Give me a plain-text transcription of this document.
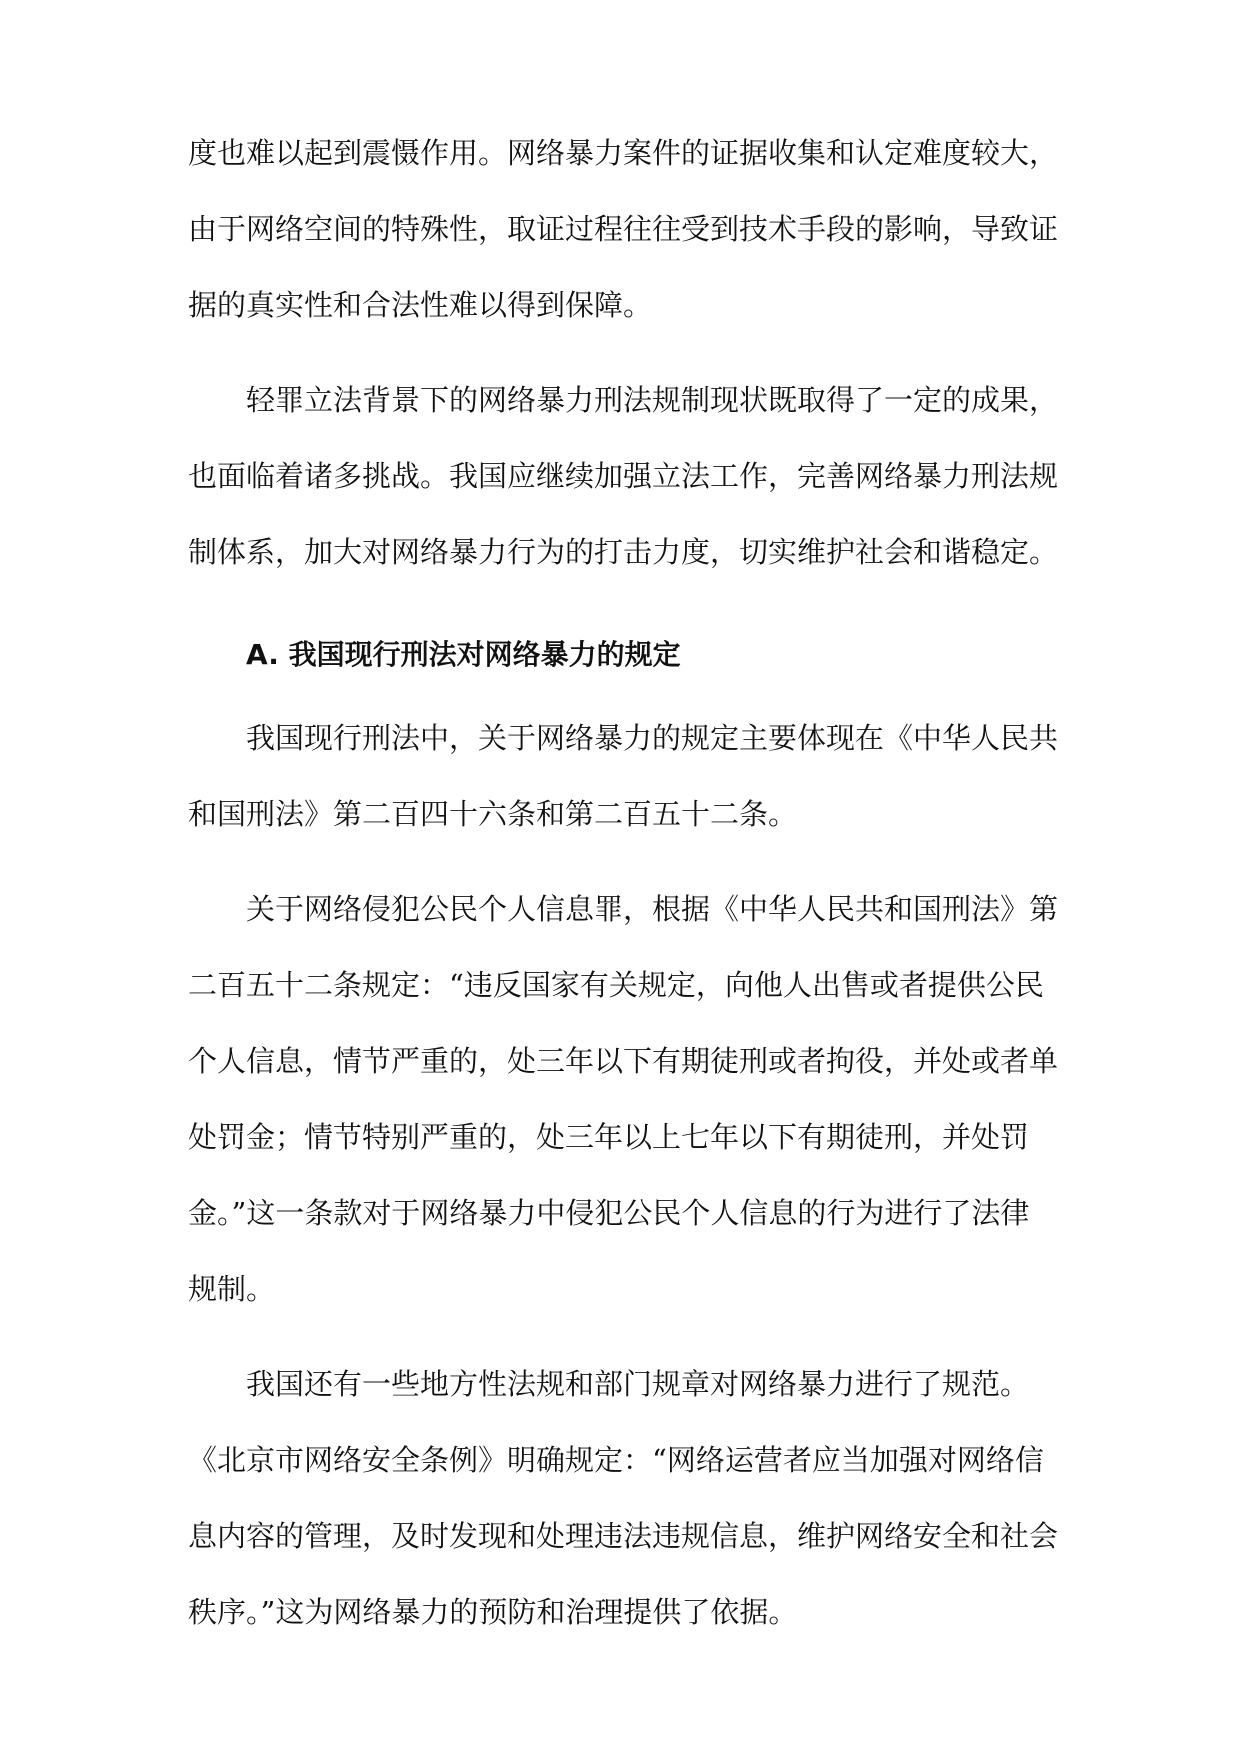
度也难以起到震慑作用。网络暴力案件的证据收集和认定难度较大，

由于网络空间的特殊性，取证过程往往受到技术手段的影响，导致证

据的真实性和合法性难以得到保障。

轻罪立法背景下的网络暴力刑法规制现状既取得了一定的成果，

也面临着诸多挑战。我国应继续加强立法工作，完善网络暴力刑法规

制体系，加大对网络暴力行为的打击力度，切实维护社会和谐稳定。

A. 我国现行刑法对网络暴力的规定

我国现行刑法中，关于网络暴力的规定主要体现在《中华人民共

和国刑法》第二百四十六条和第二百五十二条。

关于网络侵犯公民个人信息罪，根据《中华人民共和国刑法》第

二百五十二条规定：“违反国家有关规定，向他人出售或者提供公民

个人信息，情节严重的，处三年以下有期徒刑或者拘役，并处或者单

处罚金；情节特别严重的，处三年以上七年以下有期徒刑，并处罚

金。”这一条款对于网络暴力中侵犯公民个人信息的行为进行了法律

规制。

我国还有一些地方性法规和部门规章对网络暴力进行了规范。

《北京市网络安全条例》明确规定：“网络运营者应当加强对网络信

息内容的管理，及时发现和处理违法违规信息，维护网络安全和社会

秩序。”这为网络暴力的预防和治理提供了依据。
